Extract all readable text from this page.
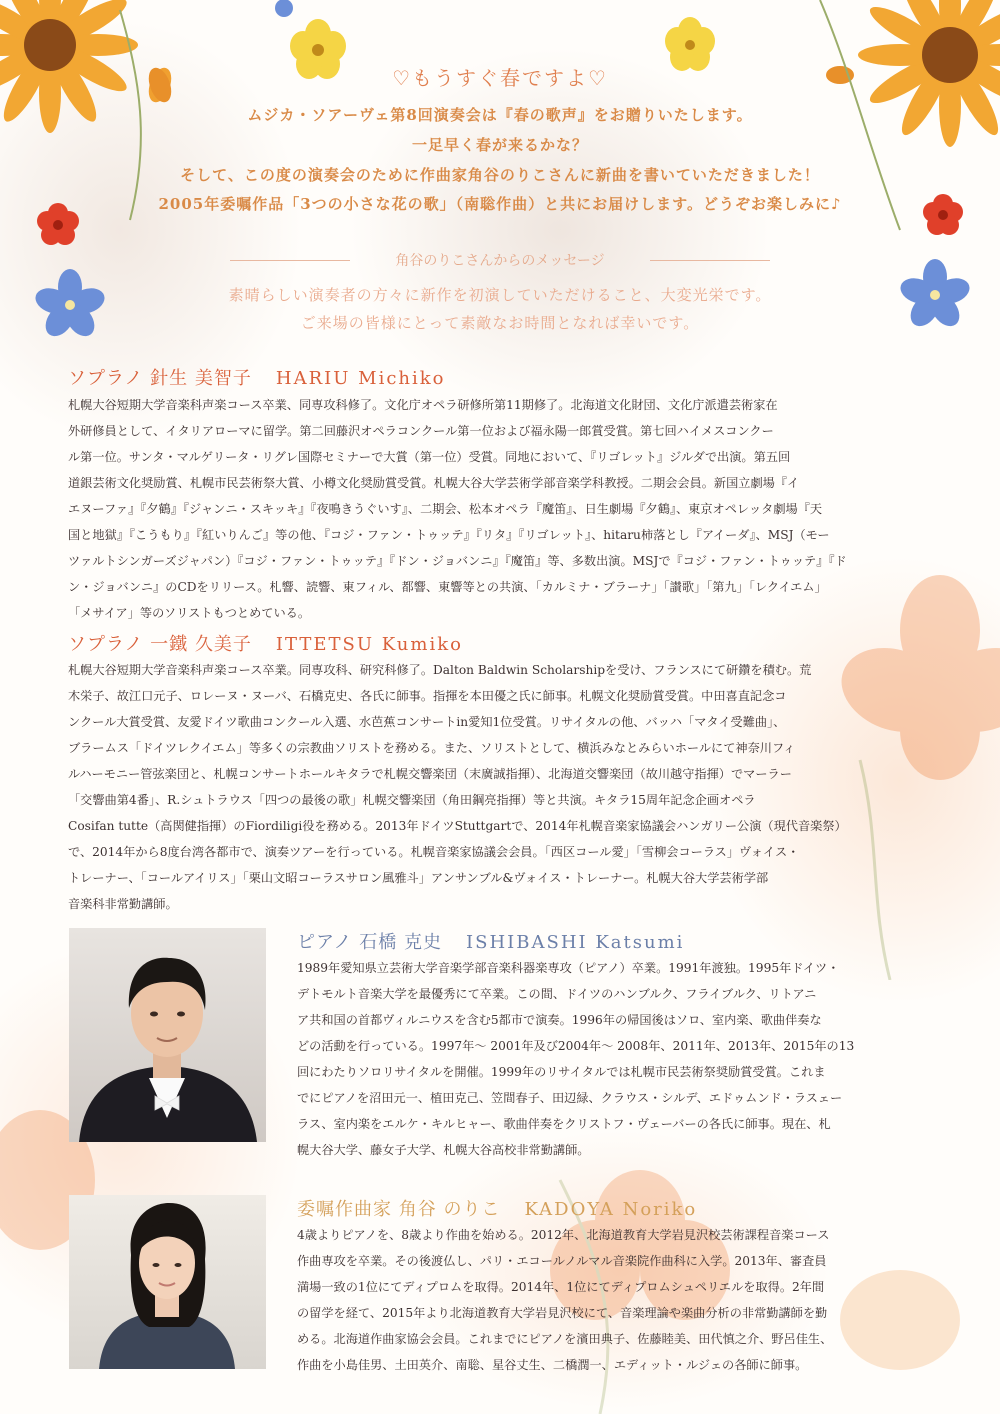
♡もうすぐ春ですよ♡
ムジカ・ソアーヴェ第8回演奏会は『春の歌声』をお贈りいたします。
一足早く春が来るかな？
そして、この度の演奏会のために作曲家角谷のりこさんに新曲を書いていただきました！
2005年委嘱作品「3つの小さな花の歌」（南聡作曲）と共にお届けします。どうぞお楽しみに♪
角谷のりこさんからのメッセージ
素晴らしい演奏者の方々に新作を初演していただけること、大変光栄です。
ご来場の皆様にとって素敵なお時間となれば幸いです。
ソプラノ 針生 美智子 HARIU Michiko
札幌大谷短期大学音楽科声楽コース卒業、同専攻科修了。文化庁オペラ研修所第11期修了。北海道文化財団、文化庁派遣芸術家在
外研修員として、イタリアローマに留学。第二回藤沢オペラコンクール第一位および福永陽一郎賞受賞。第七回ハイメスコンクー
ル第一位。サンタ・マルゲリータ・リグレ国際セミナーで大賞（第一位）受賞。同地において、『リゴレット』ジルダで出演。第五回
道銀芸術文化奨励賞、札幌市民芸術祭大賞、小樽文化奨励賞受賞。札幌大谷大学芸術学部音楽学科教授。二期会会員。新国立劇場『イ
エヌーファ』『夕鶴』『ジャンニ・スキッキ』『夜鳴きうぐいす』、二期会、松本オペラ『魔笛』、日生劇場『夕鶴』、東京オペレッタ劇場『天
国と地獄』『こうもり』『紅いりんご』等の他、『コジ・ファン・トゥッテ』『リタ』『リゴレット』、hitaru柿落とし『アイーダ』、MSJ（モー
ツァルトシンガーズジャパン）『コジ・ファン・トゥッテ』『ドン・ジョバンニ』『魔笛』等、多数出演。MSJで『コジ・ファン・トゥッテ』『ド
ン・ジョバンニ』のCDをリリース。札響、読響、東フィル、都響、東響等との共演、「カルミナ・ブラーナ」「讃歌」「第九」「レクイエム」
「メサイア」等のソリストもつとめている。
ソプラノ 一鐵 久美子 ITTETSU Kumiko
札幌大谷短期大学音楽科声楽コース卒業。同専攻科、研究科修了。Dalton Baldwin Scholarshipを受け、フランスにて研鑽を積む。荒
木栄子、故江口元子、ロレーヌ・ヌーバ、石橋克史、各氏に師事。指揮を本田優之氏に師事。札幌文化奨励賞受賞。中田喜直記念コ
ンクール大賞受賞、友愛ドイツ歌曲コンクール入選、水芭蕉コンサートin愛知1位受賞。リサイタルの他、バッハ「マタイ受難曲」、
ブラームス「ドイツレクイエム」等多くの宗教曲ソリストを務める。また、ソリストとして、横浜みなとみらいホールにて神奈川フィ
ルハーモニー管弦楽団と、札幌コンサートホールキタラで札幌交響楽団（末廣誠指揮）、北海道交響楽団（故川越守指揮）でマーラー
「交響曲第4番」、R.シュトラウス「四つの最後の歌」札幌交響楽団（角田鋼亮指揮）等と共演。キタラ15周年記念企画オペラ
Cosifan tutte（高関健指揮）のFiordiligi役を務める。2013年ドイツStuttgartで、2014年札幌音楽家協議会ハンガリー公演（現代音楽祭）
で、2014年から8度台湾各都市で、演奏ツアーを行っている。札幌音楽家協議会会員。「西区コール愛」「雪柳会コーラス」ヴォイス・
トレーナー、「コールアイリス」「栗山文昭コーラスサロン風雅斗」アンサンブル&ヴォイス・トレーナー。札幌大谷大学芸術学部
音楽科非常勤講師。
ピアノ 石橋 克史 ISHIBASHI Katsumi
1989年愛知県立芸術大学音楽学部音楽科器楽専攻（ピアノ）卒業。1991年渡独。1995年ドイツ・
デトモルト音楽大学を最優秀にて卒業。この間、ドイツのハンブルク、フライブルク、リトアニ
ア共和国の首都ヴィルニウスを含む5都市で演奏。1996年の帰国後はソロ、室内楽、歌曲伴奏な
どの活動を行っている。1997年～ 2001年及び2004年～ 2008年、2011年、2013年、2015年の13
回にわたりソロリサイタルを開催。1999年のリサイタルでは札幌市民芸術祭奨励賞受賞。これま
でにピアノを沼田元一、植田克己、笠間春子、田辺緑、クラウス・シルデ、エドゥムンド・ラスェー
ラス、室内楽をエルケ・キルヒャー、歌曲伴奏をクリストフ・ヴェーバーの各氏に師事。現在、札
幌大谷大学、藤女子大学、札幌大谷高校非常勤講師。
委嘱作曲家 角谷 のりこ KADOYA Noriko
4歳よりピアノを、8歳より作曲を始める。2012年、北海道教育大学岩見沢校芸術課程音楽コース
作曲専攻を卒業。その後渡仏し、パリ・エコールノルマル音楽院作曲科に入学。2013年、審査員
満場一致の1位にてディプロムを取得。2014年、1位にてディプロムシュペリエルを取得。2年間
の留学を経て、2015年より北海道教育大学岩見沢校にて、音楽理論や楽曲分析の非常勤講師を勤
める。北海道作曲家協会会員。これまでにピアノを濱田典子、佐藤睦美、田代慎之介、野呂佳生、
作曲を小島佳男、土田英介、南聡、星谷丈生、二橋潤一、エディット・ルジェの各師に師事。
